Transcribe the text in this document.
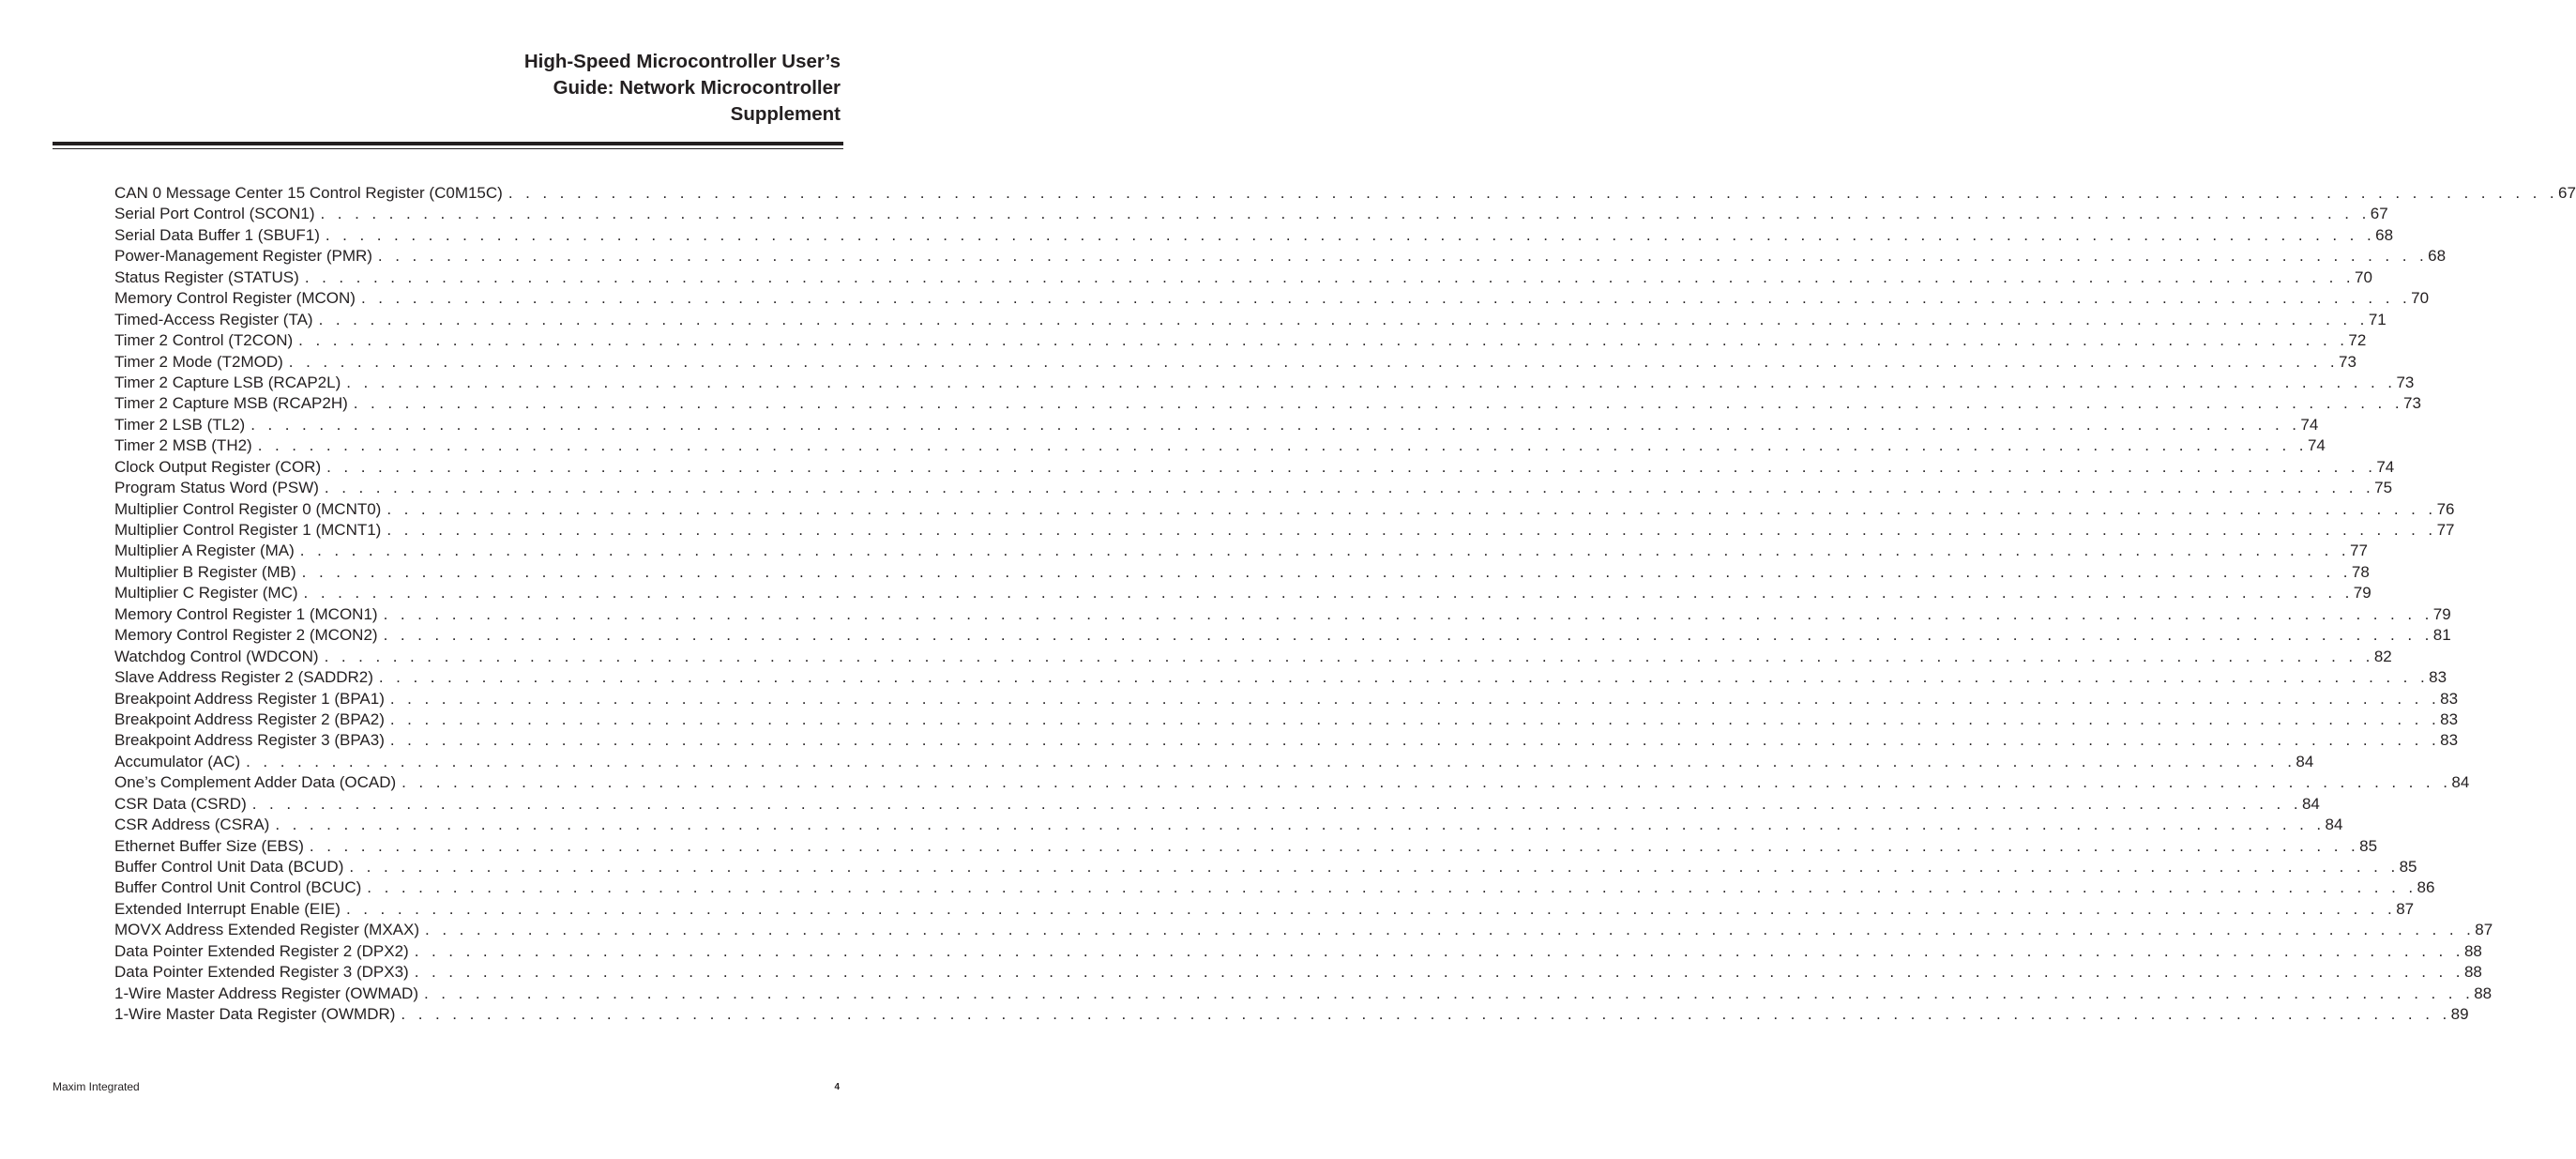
High-Speed Microcontroller User’s
Guide: Network Microcontroller
Supplement
CAN 0 Message Center 15 Control Register (C0M15C) . . . . . . . . . . . . . . . . . . . . . . . . . . . . . . . . . . . . . . . . . . . . . . . . . . . . . . . . . . . . . . . . . . . . . . . . . . . . . . . . . . . . . . . . . . . . . . . . . . . . . . . . . . . . . . . . . . . . . . . . 67
Serial Port Control (SCON1) . . . . . . . . . . . . . . . . . . . . . . . . . . . . . . . . . . . . . . . . . . . . . . . . . . . . . . . . . . . . . . . . . . . . . . . . . . . . . . . . . . . . . . . . . . . . . . . . . . . . . . . . . . . . . . . . . . . . . . . . 67
Serial Data Buffer 1 (SBUF1) . . . . . . . . . . . . . . . . . . . . . . . . . . . . . . . . . . . . . . . . . . . . . . . . . . . . . . . . . . . . . . . . . . . . . . . . . . . . . . . . . . . . . . . . . . . . . . . . . . . . . . . . . . . . . . . . . . . . . . . . 68
Power-Management Register (PMR) . . . . . . . . . . . . . . . . . . . . . . . . . . . . . . . . . . . . . . . . . . . . . . . . . . . . . . . . . . . . . . . . . . . . . . . . . . . . . . . . . . . . . . . . . . . . . . . . . . . . . . . . . . . . . . . . . . . . . . . . 68
Status Register (STATUS) . . . . . . . . . . . . . . . . . . . . . . . . . . . . . . . . . . . . . . . . . . . . . . . . . . . . . . . . . . . . . . . . . . . . . . . . . . . . . . . . . . . . . . . . . . . . . . . . . . . . . . . . . . . . . . . . . . . . . . . . 70
Memory Control Register (MCON) . . . . . . . . . . . . . . . . . . . . . . . . . . . . . . . . . . . . . . . . . . . . . . . . . . . . . . . . . . . . . . . . . . . . . . . . . . . . . . . . . . . . . . . . . . . . . . . . . . . . . . . . . . . . . . . . . . . . . . . . 70
Timed-Access Register (TA) . . . . . . . . . . . . . . . . . . . . . . . . . . . . . . . . . . . . . . . . . . . . . . . . . . . . . . . . . . . . . . . . . . . . . . . . . . . . . . . . . . . . . . . . . . . . . . . . . . . . . . . . . . . . . . . . . . . . . . . . 71
Timer 2 Control (T2CON) . . . . . . . . . . . . . . . . . . . . . . . . . . . . . . . . . . . . . . . . . . . . . . . . . . . . . . . . . . . . . . . . . . . . . . . . . . . . . . . . . . . . . . . . . . . . . . . . . . . . . . . . . . . . . . . . . . . . . . . . 72
Timer 2 Mode (T2MOD) . . . . . . . . . . . . . . . . . . . . . . . . . . . . . . . . . . . . . . . . . . . . . . . . . . . . . . . . . . . . . . . . . . . . . . . . . . . . . . . . . . . . . . . . . . . . . . . . . . . . . . . . . . . . . . . . . . . . . . . . 73
Timer 2 Capture LSB (RCAP2L) . . . . . . . . . . . . . . . . . . . . . . . . . . . . . . . . . . . . . . . . . . . . . . . . . . . . . . . . . . . . . . . . . . . . . . . . . . . . . . . . . . . . . . . . . . . . . . . . . . . . . . . . . . . . . . . . . . . . . . . . 73
Timer 2 Capture MSB (RCAP2H) . . . . . . . . . . . . . . . . . . . . . . . . . . . . . . . . . . . . . . . . . . . . . . . . . . . . . . . . . . . . . . . . . . . . . . . . . . . . . . . . . . . . . . . . . . . . . . . . . . . . . . . . . . . . . . . . . . . . . . . . 73
Timer 2 LSB (TL2) . . . . . . . . . . . . . . . . . . . . . . . . . . . . . . . . . . . . . . . . . . . . . . . . . . . . . . . . . . . . . . . . . . . . . . . . . . . . . . . . . . . . . . . . . . . . . . . . . . . . . . . . . . . . . . . . . . . . . . . . 74
Timer 2 MSB (TH2) . . . . . . . . . . . . . . . . . . . . . . . . . . . . . . . . . . . . . . . . . . . . . . . . . . . . . . . . . . . . . . . . . . . . . . . . . . . . . . . . . . . . . . . . . . . . . . . . . . . . . . . . . . . . . . . . . . . . . . . . 74
Clock Output Register (COR) . . . . . . . . . . . . . . . . . . . . . . . . . . . . . . . . . . . . . . . . . . . . . . . . . . . . . . . . . . . . . . . . . . . . . . . . . . . . . . . . . . . . . . . . . . . . . . . . . . . . . . . . . . . . . . . . . . . . . . . . 74
Program Status Word (PSW) . . . . . . . . . . . . . . . . . . . . . . . . . . . . . . . . . . . . . . . . . . . . . . . . . . . . . . . . . . . . . . . . . . . . . . . . . . . . . . . . . . . . . . . . . . . . . . . . . . . . . . . . . . . . . . . . . . . . . . . . 75
Multiplier Control Register 0 (MCNT0) . . . . . . . . . . . . . . . . . . . . . . . . . . . . . . . . . . . . . . . . . . . . . . . . . . . . . . . . . . . . . . . . . . . . . . . . . . . . . . . . . . . . . . . . . . . . . . . . . . . . . . . . . . . . . . . . . . . . . . . . 76
Multiplier Control Register 1 (MCNT1) . . . . . . . . . . . . . . . . . . . . . . . . . . . . . . . . . . . . . . . . . . . . . . . . . . . . . . . . . . . . . . . . . . . . . . . . . . . . . . . . . . . . . . . . . . . . . . . . . . . . . . . . . . . . . . . . . . . . . . . . 77
Multiplier A Register (MA) . . . . . . . . . . . . . . . . . . . . . . . . . . . . . . . . . . . . . . . . . . . . . . . . . . . . . . . . . . . . . . . . . . . . . . . . . . . . . . . . . . . . . . . . . . . . . . . . . . . . . . . . . . . . . . . . . . . . . . . . 77
Multiplier B Register (MB) . . . . . . . . . . . . . . . . . . . . . . . . . . . . . . . . . . . . . . . . . . . . . . . . . . . . . . . . . . . . . . . . . . . . . . . . . . . . . . . . . . . . . . . . . . . . . . . . . . . . . . . . . . . . . . . . . . . . . . . . 78
Multiplier C Register (MC) . . . . . . . . . . . . . . . . . . . . . . . . . . . . . . . . . . . . . . . . . . . . . . . . . . . . . . . . . . . . . . . . . . . . . . . . . . . . . . . . . . . . . . . . . . . . . . . . . . . . . . . . . . . . . . . . . . . . . . . . 79
Memory Control Register 1 (MCON1) . . . . . . . . . . . . . . . . . . . . . . . . . . . . . . . . . . . . . . . . . . . . . . . . . . . . . . . . . . . . . . . . . . . . . . . . . . . . . . . . . . . . . . . . . . . . . . . . . . . . . . . . . . . . . . . . . . . . . . . . 79
Memory Control Register 2 (MCON2) . . . . . . . . . . . . . . . . . . . . . . . . . . . . . . . . . . . . . . . . . . . . . . . . . . . . . . . . . . . . . . . . . . . . . . . . . . . . . . . . . . . . . . . . . . . . . . . . . . . . . . . . . . . . . . . . . . . . . . . . 81
Watchdog Control (WDCON) . . . . . . . . . . . . . . . . . . . . . . . . . . . . . . . . . . . . . . . . . . . . . . . . . . . . . . . . . . . . . . . . . . . . . . . . . . . . . . . . . . . . . . . . . . . . . . . . . . . . . . . . . . . . . . . . . . . . . . . . 82
Slave Address Register 2 (SADDR2) . . . . . . . . . . . . . . . . . . . . . . . . . . . . . . . . . . . . . . . . . . . . . . . . . . . . . . . . . . . . . . . . . . . . . . . . . . . . . . . . . . . . . . . . . . . . . . . . . . . . . . . . . . . . . . . . . . . . . . . . 83
Breakpoint Address Register 1 (BPA1) . . . . . . . . . . . . . . . . . . . . . . . . . . . . . . . . . . . . . . . . . . . . . . . . . . . . . . . . . . . . . . . . . . . . . . . . . . . . . . . . . . . . . . . . . . . . . . . . . . . . . . . . . . . . . . . . . . . . . . . . 83
Breakpoint Address Register 2 (BPA2) . . . . . . . . . . . . . . . . . . . . . . . . . . . . . . . . . . . . . . . . . . . . . . . . . . . . . . . . . . . . . . . . . . . . . . . . . . . . . . . . . . . . . . . . . . . . . . . . . . . . . . . . . . . . . . . . . . . . . . . . 83
Breakpoint Address Register 3 (BPA3) . . . . . . . . . . . . . . . . . . . . . . . . . . . . . . . . . . . . . . . . . . . . . . . . . . . . . . . . . . . . . . . . . . . . . . . . . . . . . . . . . . . . . . . . . . . . . . . . . . . . . . . . . . . . . . . . . . . . . . . . 83
Accumulator (AC) . . . . . . . . . . . . . . . . . . . . . . . . . . . . . . . . . . . . . . . . . . . . . . . . . . . . . . . . . . . . . . . . . . . . . . . . . . . . . . . . . . . . . . . . . . . . . . . . . . . . . . . . . . . . . . . . . . . . . . . . 84
One’s Complement Adder Data (OCAD) . . . . . . . . . . . . . . . . . . . . . . . . . . . . . . . . . . . . . . . . . . . . . . . . . . . . . . . . . . . . . . . . . . . . . . . . . . . . . . . . . . . . . . . . . . . . . . . . . . . . . . . . . . . . . . . . . . . . . . . . 84
CSR Data (CSRD) . . . . . . . . . . . . . . . . . . . . . . . . . . . . . . . . . . . . . . . . . . . . . . . . . . . . . . . . . . . . . . . . . . . . . . . . . . . . . . . . . . . . . . . . . . . . . . . . . . . . . . . . . . . . . . . . . . . . . . . . 84
CSR Address (CSRA) . . . . . . . . . . . . . . . . . . . . . . . . . . . . . . . . . . . . . . . . . . . . . . . . . . . . . . . . . . . . . . . . . . . . . . . . . . . . . . . . . . . . . . . . . . . . . . . . . . . . . . . . . . . . . . . . . . . . . . . . 84
Ethernet Buffer Size (EBS) . . . . . . . . . . . . . . . . . . . . . . . . . . . . . . . . . . . . . . . . . . . . . . . . . . . . . . . . . . . . . . . . . . . . . . . . . . . . . . . . . . . . . . . . . . . . . . . . . . . . . . . . . . . . . . . . . . . . . . . . 85
Buffer Control Unit Data (BCUD) . . . . . . . . . . . . . . . . . . . . . . . . . . . . . . . . . . . . . . . . . . . . . . . . . . . . . . . . . . . . . . . . . . . . . . . . . . . . . . . . . . . . . . . . . . . . . . . . . . . . . . . . . . . . . . . . . . . . . . . . 85
Buffer Control Unit Control (BCUC) . . . . . . . . . . . . . . . . . . . . . . . . . . . . . . . . . . . . . . . . . . . . . . . . . . . . . . . . . . . . . . . . . . . . . . . . . . . . . . . . . . . . . . . . . . . . . . . . . . . . . . . . . . . . . . . . . . . . . . . . 86
Extended Interrupt Enable (EIE) . . . . . . . . . . . . . . . . . . . . . . . . . . . . . . . . . . . . . . . . . . . . . . . . . . . . . . . . . . . . . . . . . . . . . . . . . . . . . . . . . . . . . . . . . . . . . . . . . . . . . . . . . . . . . . . . . . . . . . . . 87
MOVX Address Extended Register (MXAX) . . . . . . . . . . . . . . . . . . . . . . . . . . . . . . . . . . . . . . . . . . . . . . . . . . . . . . . . . . . . . . . . . . . . . . . . . . . . . . . . . . . . . . . . . . . . . . . . . . . . . . . . . . . . . . . . . . . . . . . . 87
Data Pointer Extended Register 2 (DPX2) . . . . . . . . . . . . . . . . . . . . . . . . . . . . . . . . . . . . . . . . . . . . . . . . . . . . . . . . . . . . . . . . . . . . . . . . . . . . . . . . . . . . . . . . . . . . . . . . . . . . . . . . . . . . . . . . . . . . . . . . 88
Data Pointer Extended Register 3 (DPX3) . . . . . . . . . . . . . . . . . . . . . . . . . . . . . . . . . . . . . . . . . . . . . . . . . . . . . . . . . . . . . . . . . . . . . . . . . . . . . . . . . . . . . . . . . . . . . . . . . . . . . . . . . . . . . . . . . . . . . . . . 88
1-Wire Master Address Register (OWMAD) . . . . . . . . . . . . . . . . . . . . . . . . . . . . . . . . . . . . . . . . . . . . . . . . . . . . . . . . . . . . . . . . . . . . . . . . . . . . . . . . . . . . . . . . . . . . . . . . . . . . . . . . . . . . . . . . . . . . . . . . 88
1-Wire Master Data Register (OWMDR) . . . . . . . . . . . . . . . . . . . . . . . . . . . . . . . . . . . . . . . . . . . . . . . . . . . . . . . . . . . . . . . . . . . . . . . . . . . . . . . . . . . . . . . . . . . . . . . . . . . . . . . . . . . . . . . . . . . . . . . . 89
Maxim Integrated	4
